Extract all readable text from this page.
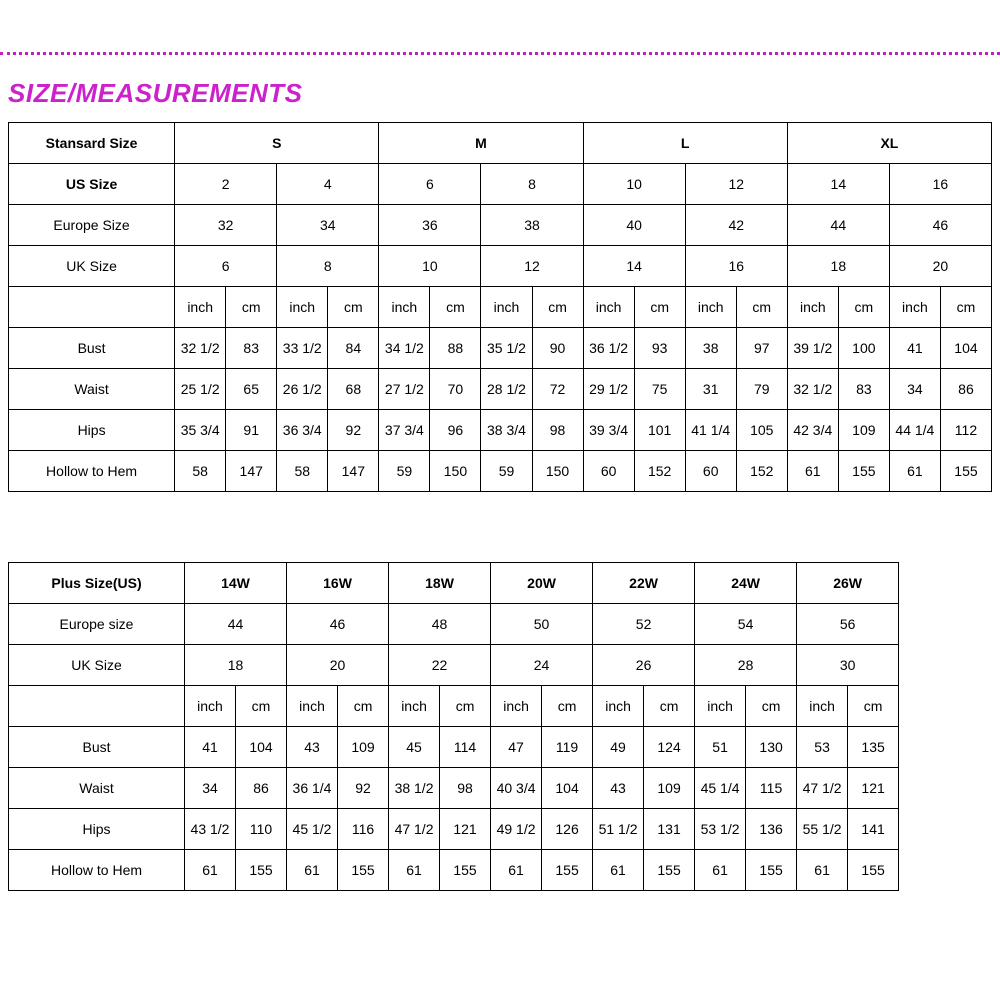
SIZE/MEASUREMENTS
Stansard Size	S				M				L				XL			
US Size	2		4		6		8		10		12		14		16	
Europe Size	32		34		36		38		40		42		44		46	
UK Size	6		8		10		12		14		16		18		20	
	inch	cm	inch	cm	inch	cm	inch	cm	inch	cm	inch	cm	inch	cm	inch	cm
Bust	32 1/2	83	33 1/2	84	34 1/2	88	35 1/2	90	36 1/2	93	38	97	39 1/2	100	41	104
Waist	25 1/2	65	26 1/2	68	27 1/2	70	28 1/2	72	29 1/2	75	31	79	32 1/2	83	34	86
Hips	35 3/4	91	36 3/4	92	37 3/4	96	38 3/4	98	39 3/4	101	41 1/4	105	42 3/4	109	44 1/4	112
Hollow to Hem	58	147	58	147	59	150	59	150	60	152	60	152	61	155	61	155
Plus Size(US)	14W		16W		18W		20W		22W		24W		26W	
Europe size	44		46		48		50		52		54		56	
UK Size	18		20		22		24		26		28		30	
	inch	cm	inch	cm	inch	cm	inch	cm	inch	cm	inch	cm	inch	cm
Bust	41	104	43	109	45	114	47	119	49	124	51	130	53	135
Waist	34	86	36 1/4	92	38 1/2	98	40 3/4	104	43	109	45 1/4	115	47 1/2	121
Hips	43 1/2	110	45 1/2	116	47 1/2	121	49 1/2	126	51 1/2	131	53 1/2	136	55 1/2	141
Hollow to Hem	61	155	61	155	61	155	61	155	61	155	61	155	61	155
